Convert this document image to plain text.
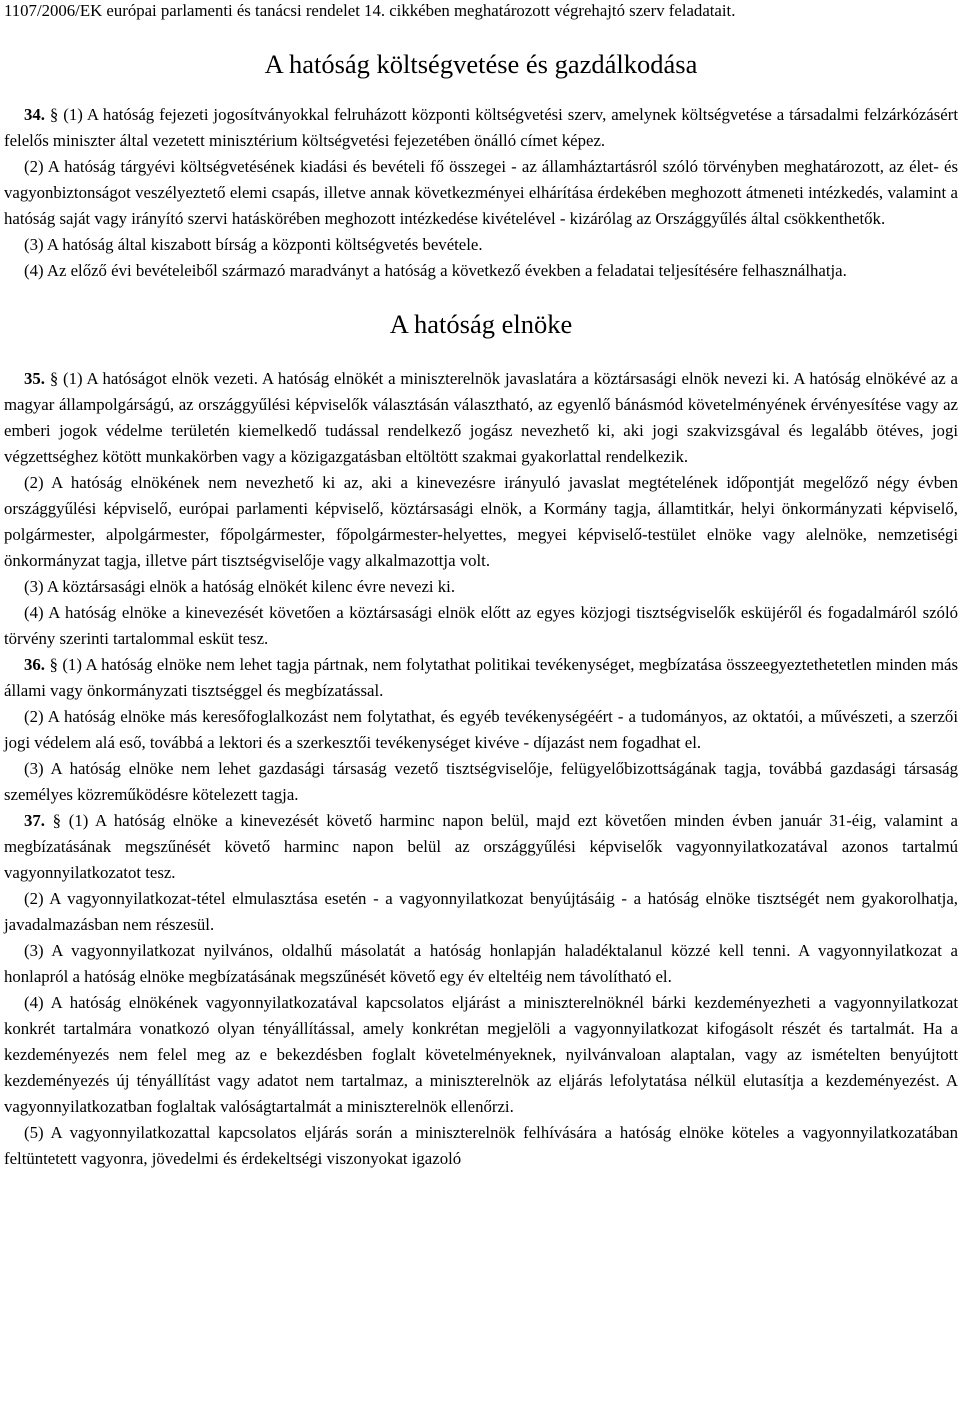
1107/2006/EK európai parlamenti és tanácsi rendelet 14. cikkében meghatározott végrehajtó szerv feladatait.

A hatóság költségvetése és gazdálkodása

34. § (1) A hatóság fejezeti jogosítványokkal felruházott központi költségvetési szerv, amelynek költségvetése a társadalmi felzárkózásért felelős miniszter által vezetett minisztérium költségvetési fejezetében önálló címet képez.

(2) A hatóság tárgyévi költségvetésének kiadási és bevételi fő összegei - az államháztartásról szóló törvényben meghatározott, az élet- és vagyonbiztonságot veszélyeztető elemi csapás, illetve annak következményei elhárítása érdekében meghozott átmeneti intézkedés, valamint a hatóság saját vagy irányító szervi hatáskörében meghozott intézkedése kivételével - kizárólag az Országgyűlés által csökkenthetők.

(3) A hatóság által kiszabott bírság a központi költségvetés bevétele.

(4) Az előző évi bevételeiből származó maradványt a hatóság a következő években a feladatai teljesítésére felhasználhatja.

A hatóság elnöke

35. § (1) A hatóságot elnök vezeti. A hatóság elnökét a miniszterelnök javaslatára a köztársasági elnök nevezi ki. A hatóság elnökévé az a magyar állampolgárságú, az országgyűlési képviselők választásán választható, az egyenlő bánásmód követelményének érvényesítése vagy az emberi jogok védelme területén kiemelkedő tudással rendelkező jogász nevezhető ki, aki jogi szakvizsgával és legalább ötéves, jogi végzettséghez kötött munkakörben vagy a közigazgatásban eltöltött szakmai gyakorlattal rendelkezik.

(2) A hatóság elnökének nem nevezhető ki az, aki a kinevezésre irányuló javaslat megtételének időpontját megelőző négy évben országgyűlési képviselő, európai parlamenti képviselő, köztársasági elnök, a Kormány tagja, államtitkár, helyi önkormányzati képviselő, polgármester, alpolgármester, főpolgármester, főpolgármester-helyettes, megyei képviselő-testület elnöke vagy alelnöke, nemzetiségi önkormányzat tagja, illetve párt tisztségviselője vagy alkalmazottja volt.

(3) A köztársasági elnök a hatóság elnökét kilenc évre nevezi ki.

(4) A hatóság elnöke a kinevezését követően a köztársasági elnök előtt az egyes közjogi tisztségviselők esküjéről és fogadalmáról szóló törvény szerinti tartalommal esküt tesz.

36. § (1) A hatóság elnöke nem lehet tagja pártnak, nem folytathat politikai tevékenységet, megbízatása összeegyeztethetetlen minden más állami vagy önkormányzati tisztséggel és megbízatással.

(2) A hatóság elnöke más keresőfoglalkozást nem folytathat, és egyéb tevékenységéért - a tudományos, az oktatói, a művészeti, a szerzői jogi védelem alá eső, továbbá a lektori és a szerkesztői tevékenységet kivéve - díjazást nem fogadhat el.

(3) A hatóság elnöke nem lehet gazdasági társaság vezető tisztségviselője, felügyelőbizottságának tagja, továbbá gazdasági társaság személyes közreműködésre kötelezett tagja.

37. § (1) A hatóság elnöke a kinevezését követő harminc napon belül, majd ezt követően minden évben január 31-éig, valamint a megbízatásának megszűnését követő harminc napon belül az országgyűlési képviselők vagyonnyilatkozatával azonos tartalmú vagyonnyilatkozatot tesz.

(2) A vagyonnyilatkozat-tétel elmulasztása esetén - a vagyonnyilatkozat benyújtásáig - a hatóság elnöke tisztségét nem gyakorolhatja, javadalmazásban nem részesül.

(3) A vagyonnyilatkozat nyilvános, oldalhű másolatát a hatóság honlapján haladéktalanul közzé kell tenni. A vagyonnyilatkozat a honlapról a hatóság elnöke megbízatásának megszűnését követő egy év elteltéig nem távolítható el.

(4) A hatóság elnökének vagyonnyilatkozatával kapcsolatos eljárást a miniszterelnöknél bárki kezdeményezheti a vagyonnyilatkozat konkrét tartalmára vonatkozó olyan tényállítással, amely konkrétan megjelöli a vagyonnyilatkozat kifogásolt részét és tartalmát. Ha a kezdeményezés nem felel meg az e bekezdésben foglalt követelményeknek, nyilvánvaloan alaptalan, vagy az ismételten benyújtott kezdeményezés új tényállítást vagy adatot nem tartalmaz, a miniszterelnök az eljárás lefolytatása nélkül elutasítja a kezdeményezést. A vagyonnyilatkozatban foglaltak valóságtartalmát a miniszterelnök ellenőrzi.

(5) A vagyonnyilatkozattal kapcsolatos eljárás során a miniszterelnök felhívására a hatóság elnöke köteles a vagyonnyilatkozatában feltüntetett vagyonra, jövedelmi és érdekeltségi viszonyokat igazoló
